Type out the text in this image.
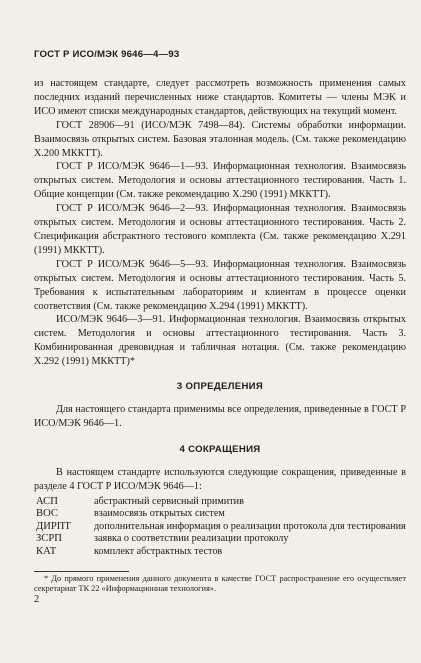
ГОСТ Р ИСО/МЭК 9646—4—93

из настоящем стандарте, следует рассмотреть возможность применения самых последних изданий перечисленных ниже стандартов. Комитеты — члены МЭК и ИСО имеют списки международных стандартов, действующих на текущий момент.

ГОСТ 28906—91 (ИСО/МЭК 7498—84). Системы обработки информации. Взаимосвязь открытых систем. Базовая эталонная модель. (См. также рекомендацию X.200 МККТТ).

ГОСТ Р ИСО/МЭК 9646—1—93. Информационная технология. Взаимосвязь открытых систем. Методология и основы аттестационного тестирования. Часть 1. Общие концепции (См. также рекомендацию X.290 (1991) МККТТ).

ГОСТ Р ИСО/МЭК 9646—2—93. Информационная технология. Взаимосвязь открытых систем. Методология и основы аттестационного тестирования. Часть 2. Спецификация абстрактного тестового комплекта (См. также рекомендацию X.291 (1991) МККТТ).

ГОСТ Р ИСО/МЭК 9646—5—93. Информационная технология. Взаимосвязь открытых систем. Методология и основы аттестационного тестирования. Часть 5. Требования к испытательным лабораториям и клиентам в процессе оценки соответствия (См. также рекомендацию X.294 (1991) МККТТ).

ИСО/МЭК 9646—3—91. Информационная технология. Взаимосвязь открытых систем. Методология и основы аттестационного тестирования. Часть 3. Комбинированная древовидная и табличная нотация. (См. также рекомендацию X.292 (1991) МККТТ)*

3 ОПРЕДЕЛЕНИЯ

Для настоящего стандарта применимы все определения, приведенные в ГОСТ Р ИСО/МЭК 9646—1.

4 СОКРАЩЕНИЯ

В настоящем стандарте используются следующие сокращения, приведенные в разделе 4 ГОСТ Р ИСО/МЭК 9646—1:

АСП	абстрактный сервисный примитив
ВОС	взаимосвязь открытых систем
ДИРПТ	дополнительная информация о реализации протокола для тестирования
ЗСРП	заявка о соответствии реализации протоколу
КАТ	комплект абстрактных тестов

* До прямого применения данного документа в качестве ГОСТ распространение его осуществляет секретариат ТК 22 «Информационная технология».

2
